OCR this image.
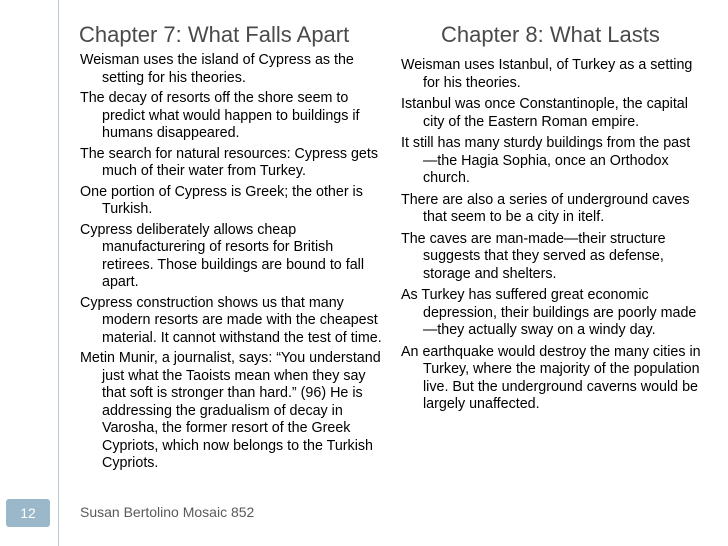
Chapter 7: What Falls Apart	Chapter 8: What Lasts
Weisman uses the island of Cypress as the setting for his theories.
The decay of resorts off the shore seem to predict what would happen to buildings if humans disappeared.
The search for natural resources: Cypress gets much of their water from Turkey.
One portion of Cypress is Greek; the other is Turkish.
Cypress deliberately allows cheap manufacturering of resorts for British retirees. Those buildings are bound to fall apart.
Cypress construction shows us that many modern resorts are made with the cheapest material. It cannot withstand the test of time.
Metin Munir, a journalist, says: “You understand just what the Taoists mean when they say that soft is stronger than hard.” (96) He is addressing the gradualism of decay in Varosha, the former resort of the Greek Cypriots, which now belongs to the Turkish Cypriots.
Weisman uses Istanbul, of Turkey as a setting for his theories.
Istanbul was once Constantinople, the capital city of the Eastern Roman empire.
It still has many sturdy buildings from the past—the Hagia Sophia, once an Orthodox church.
There are also a series of underground caves that seem to be a city in itelf.
The caves are man-made—their structure suggests that they served as defense, storage and shelters.
As Turkey has suffered great economic depression, their buildings are poorly made—they actually sway on a windy day.
An earthquake would destroy the many cities in Turkey, where the majority of the population live. But the underground caverns would be largely unaffected.
12	Susan Bertolino Mosaic 852
